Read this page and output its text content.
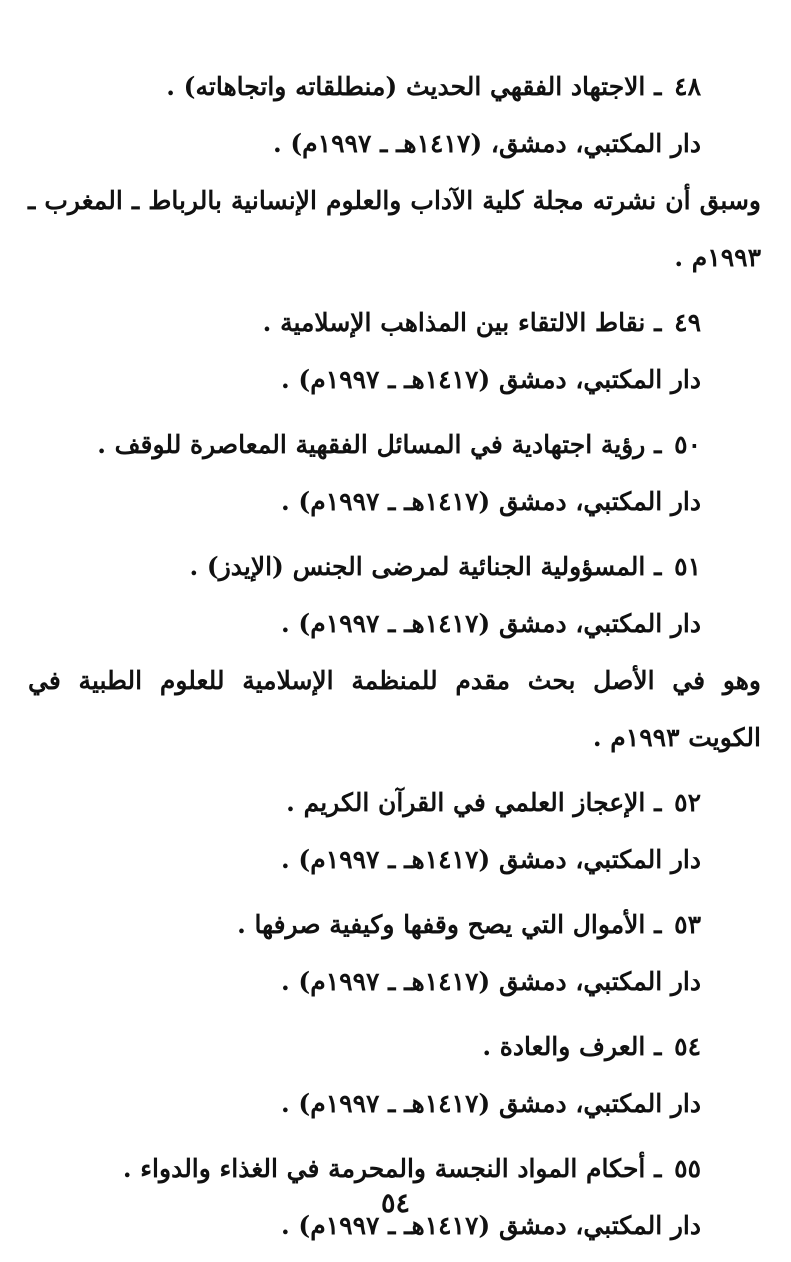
٤٨ ـ الاجتهاد الفقهي الحديث (منطلقاته واتجاهاته) .
دار المكتبي، دمشق، (١٤١٧هـ ـ ١٩٩٧م) .
وسبق أن نشرته مجلة كلية الآداب والعلوم الإنسانية بالرباط ـ المغرب ـ ١٩٩٣م .
٤٩ ـ نقاط الالتقاء بين المذاهب الإسلامية .
دار المكتبي، دمشق (١٤١٧هـ ـ ١٩٩٧م) .
٥٠ ـ رؤية اجتهادية في المسائل الفقهية المعاصرة للوقف .
دار المكتبي، دمشق (١٤١٧هـ ـ ١٩٩٧م) .
٥١ ـ المسؤولية الجنائية لمرضى الجنس (الإيدز) .
دار المكتبي، دمشق (١٤١٧هـ ـ ١٩٩٧م) .
وهو في الأصل بحث مقدم للمنظمة الإسلامية للعلوم الطبية في الكويت ١٩٩٣م .
٥٢ ـ الإعجاز العلمي في القرآن الكريم .
دار المكتبي، دمشق (١٤١٧هـ ـ ١٩٩٧م) .
٥٣ ـ الأموال التي يصح وقفها وكيفية صرفها .
دار المكتبي، دمشق (١٤١٧هـ ـ ١٩٩٧م) .
٥٤ ـ العرف والعادة .
دار المكتبي، دمشق (١٤١٧هـ ـ ١٩٩٧م) .
٥٥ ـ أحكام المواد النجسة والمحرمة في الغذاء والدواء .
دار المكتبي، دمشق (١٤١٧هـ ـ ١٩٩٧م) .
٥٤
